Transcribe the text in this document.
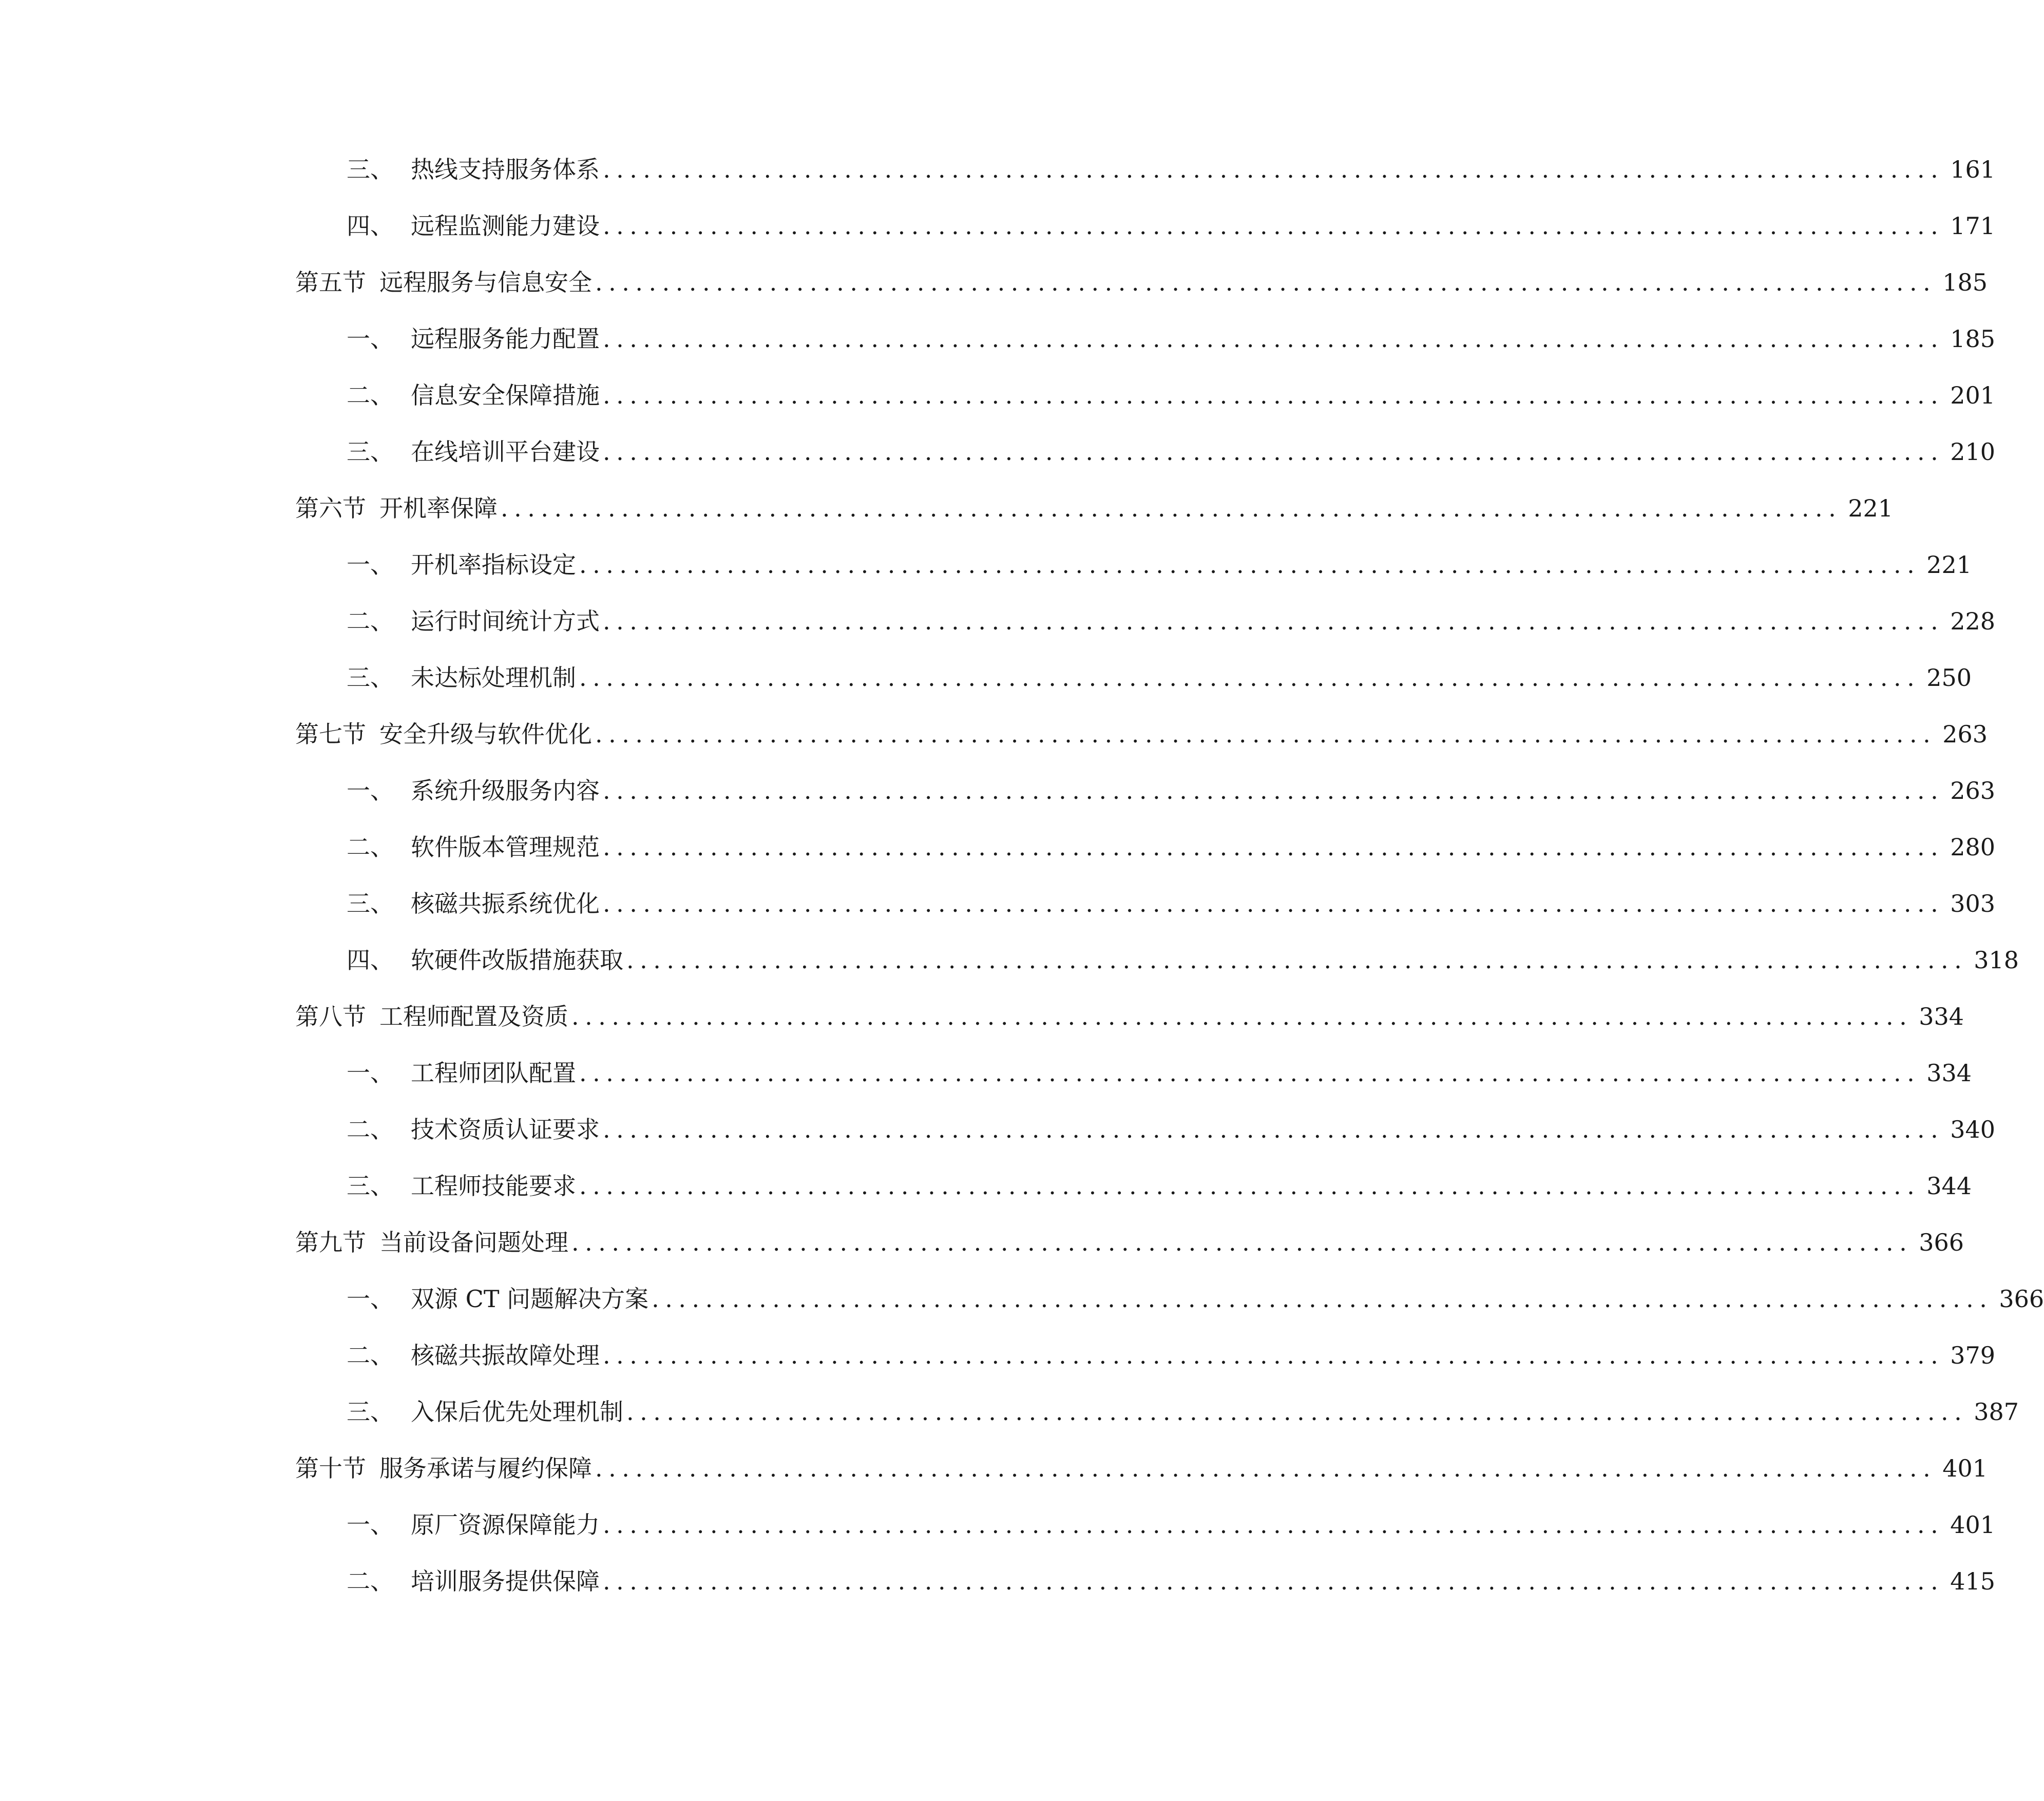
三、 热线支持服务体系 .................................................................................................... 161
四、 远程监测能力建设 .................................................................................................... 171
第五节 远程服务与信息安全 .................................................................................................... 185
一、 远程服务能力配置 .................................................................................................... 185
二、 信息安全保障措施 .................................................................................................... 201
三、 在线培训平台建设 .................................................................................................... 210
第六节 开机率保障 .................................................................................................... 221
一、 开机率指标设定 .................................................................................................... 221
二、 运行时间统计方式 .................................................................................................... 228
三、 未达标处理机制 .................................................................................................... 250
第七节 安全升级与软件优化 .................................................................................................... 263
一、 系统升级服务内容 .................................................................................................... 263
二、 软件版本管理规范 .................................................................................................... 280
三、 核磁共振系统优化 .................................................................................................... 303
四、 软硬件改版措施获取 .................................................................................................... 318
第八节 工程师配置及资质 .................................................................................................... 334
一、 工程师团队配置 .................................................................................................... 334
二、 技术资质认证要求 .................................................................................................... 340
三、 工程师技能要求 .................................................................................................... 344
第九节 当前设备问题处理 .................................................................................................... 366
一、 双源 CT 问题解决方案 .................................................................................................... 366
二、 核磁共振故障处理 .................................................................................................... 379
三、 入保后优先处理机制 .................................................................................................... 387
第十节 服务承诺与履约保障 .................................................................................................... 401
一、 原厂资源保障能力 .................................................................................................... 401
二、 培训服务提供保障 .................................................................................................... 415
